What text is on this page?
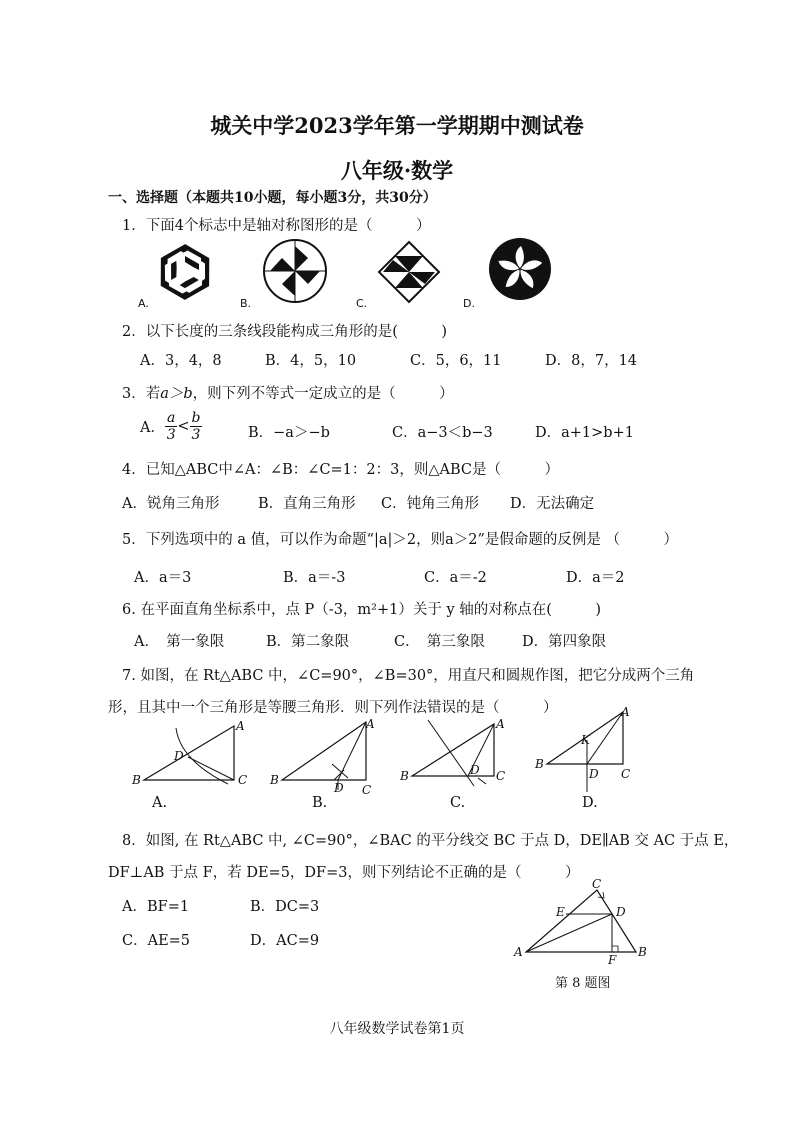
城关中学2023学年第一学期期中测试卷
八年级·数学
一、选择题（本题共10小题，每小题3分，共30分）
1．下面4个标志中是轴对称图形的是（　　　）
A.	B.	C.	D.
2．以下长度的三条线段能构成三角形的是(　　　)
A．3，4，8	B．4，5，10	C．5，6，11	D．8，7，14
3．若a＞b，则下列不等式一定成立的是（　　　）
A． $\frac{a}{3} < \frac{b}{3}$	B．−a＞−b	C．a−3＜b−3	D．a+1>b+1
4．已知△ABC中∠A：∠B：∠C=1：2：3，则△ABC是（　　　）
A．锐角三角形	B．直角三角形 C．钝角三角形 D．无法确定
5．下列选项中的 a 值，可以作为命题“|a|＞2，则a＞2”是假命题的反例是 （　　　）
A．a＝3	B．a＝-3	C．a＝-2	D．a＝2
6. 在平面直角坐标系中，点 P（-3，m²+1）关于 y 轴的对称点在(　　　)
A．　第一象限	B．第二象限	C．　第三象限	D．第四象限
7. 如图，在 Rt△ABC 中，∠C=90°，∠B=30°，用直尺和圆规作图，把它分成两个三角
形，且其中一个三角形是等腰三角形．则下列作法错误的是（　　　）
B	C
A
D
A.
B
C
A
D
B.
B	C
A
D
C.
B
C
A
K
D
D.
8．如图, 在 Rt△ABC 中, ∠C=90°，∠BAC 的平分线交 BC 于点 D，DE∥AB 交 AC 于点 E，
DF⊥AB 于点 F，若 DE=5，DF=3，则下列结论不正确的是（　　　）
A．BF=1	B．DC=3
C．AE=5	D．AC=9
A	B
C
D
E
F
第 8 题图
八年级数学试卷第1页
